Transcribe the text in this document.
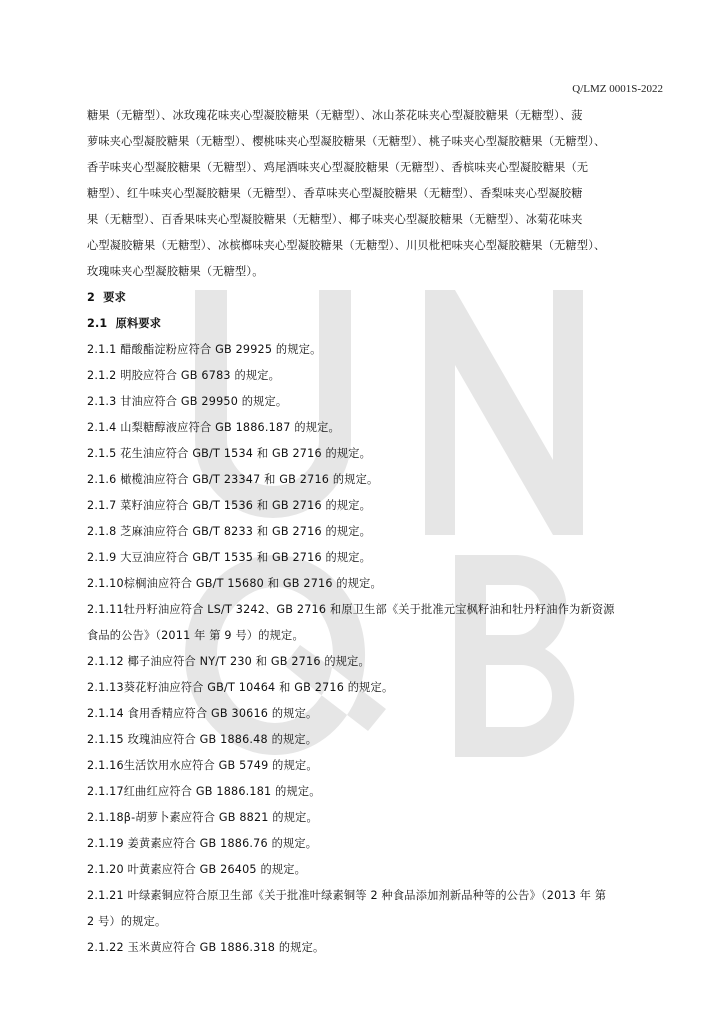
Q/LMZ 0001S-2022
糖果（无糖型）、冰玫瑰花味夹心型凝胶糖果（无糖型）、冰山茶花味夹心型凝胶糖果（无糖型）、菠
萝味夹心型凝胶糖果（无糖型）、樱桃味夹心型凝胶糖果（无糖型）、桃子味夹心型凝胶糖果（无糖型）、
香芋味夹心型凝胶糖果（无糖型）、鸡尾酒味夹心型凝胶糖果（无糖型）、香槟味夹心型凝胶糖果（无
糖型）、红牛味夹心型凝胶糖果（无糖型）、香草味夹心型凝胶糖果（无糖型）、香梨味夹心型凝胶糖
果（无糖型）、百香果味夹心型凝胶糖果（无糖型）、椰子味夹心型凝胶糖果（无糖型）、冰菊花味夹
心型凝胶糖果（无糖型）、冰槟榔味夹心型凝胶糖果（无糖型）、川贝枇杷味夹心型凝胶糖果（无糖型）、
玫瑰味夹心型凝胶糖果（无糖型）。
2 要求
2.1 原料要求
2.1.1 醋酸酯淀粉应符合 GB 29925 的规定。
2.1.2 明胶应符合 GB 6783 的规定。
2.1.3 甘油应符合 GB 29950 的规定。
2.1.4 山梨糖醇液应符合 GB 1886.187 的规定。
2.1.5 花生油应符合 GB/T 1534 和 GB 2716 的规定。
2.1.6 橄榄油应符合 GB/T 23347 和 GB 2716 的规定。
2.1.7 菜籽油应符合 GB/T 1536 和 GB 2716 的规定。
2.1.8 芝麻油应符合 GB/T 8233 和 GB 2716 的规定。
2.1.9 大豆油应符合 GB/T 1535 和 GB 2716 的规定。
2.1.10棕榈油应符合 GB/T 15680 和 GB 2716 的规定。
2.1.11牡丹籽油应符合 LS/T 3242、GB 2716 和原卫生部《关于批准元宝枫籽油和牡丹籽油作为新资源
食品的公告》（2011 年 第 9 号）的规定。
2.1.12 椰子油应符合 NY/T 230 和 GB 2716 的规定。
2.1.13葵花籽油应符合 GB/T 10464 和 GB 2716 的规定。
2.1.14 食用香精应符合 GB 30616 的规定。
2.1.15 玫瑰油应符合 GB 1886.48 的规定。
2.1.16生活饮用水应符合 GB 5749 的规定。
2.1.17红曲红应符合 GB 1886.181 的规定。
2.1.18β-胡萝卜素应符合 GB 8821 的规定。
2.1.19 姜黄素应符合 GB 1886.76 的规定。
2.1.20 叶黄素应符合 GB 26405 的规定。
2.1.21 叶绿素铜应符合原卫生部《关于批准叶绿素铜等 2 种食品添加剂新品种等的公告》（2013 年 第
2 号）的规定。
2.1.22 玉米黄应符合 GB 1886.318 的规定。
